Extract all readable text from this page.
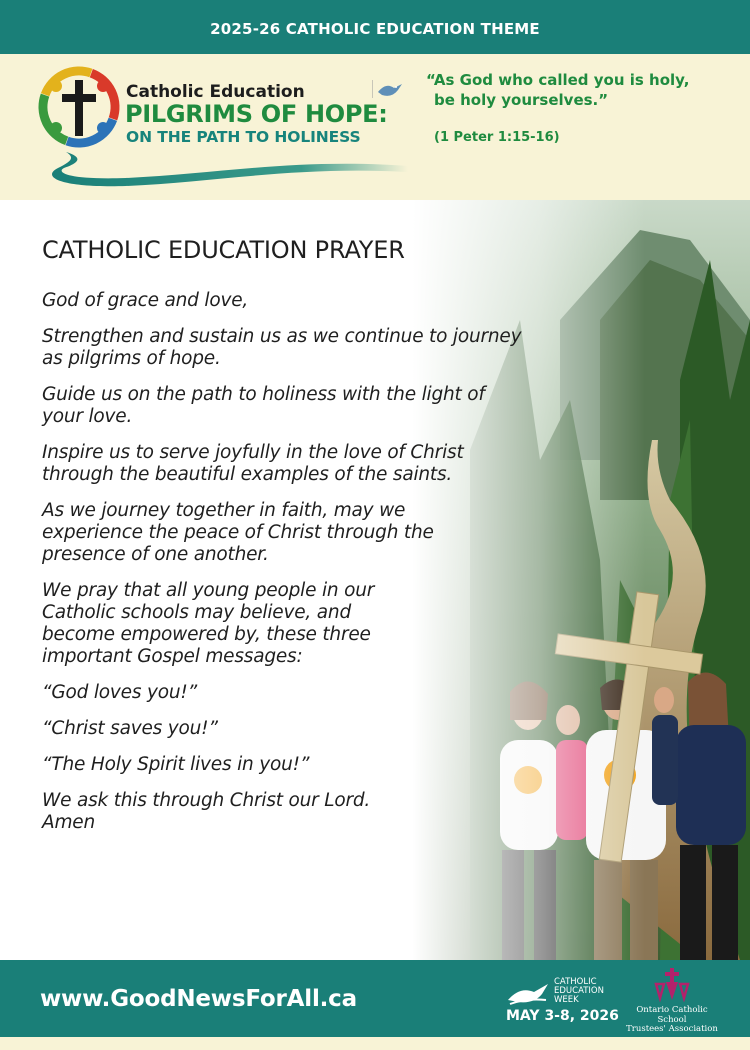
2025-26 CATHOLIC EDUCATION THEME
Catholic Education
PILGRIMS OF HOPE:
ON THE PATH TO HOLINESS
“As God who called you is holy,
be holy yourselves.”
(1 Peter 1:15-16)
CATHOLIC EDUCATION PRAYER

God of grace and love,

Strengthen and sustain us as we continue to journey as pilgrims of hope.

Guide us on the path to holiness with the light of your love.

Inspire us to serve joyfully in the love of Christ through the beautiful examples of the saints.

As we journey together in faith, may we experience the peace of Christ through the presence of one another.

We pray that all young people in our Catholic schools may believe, and become empowered by, these three important Gospel messages:

“God loves you!”

“Christ saves you!”

“The Holy Spirit lives in you!”

We ask this through Christ our Lord.

Amen

www.GoodNewsForAll.ca
CATHOLIC
EDUCATION
WEEK
MAY 3-8, 2026	Ontario Catholic School
Trustees' Association
